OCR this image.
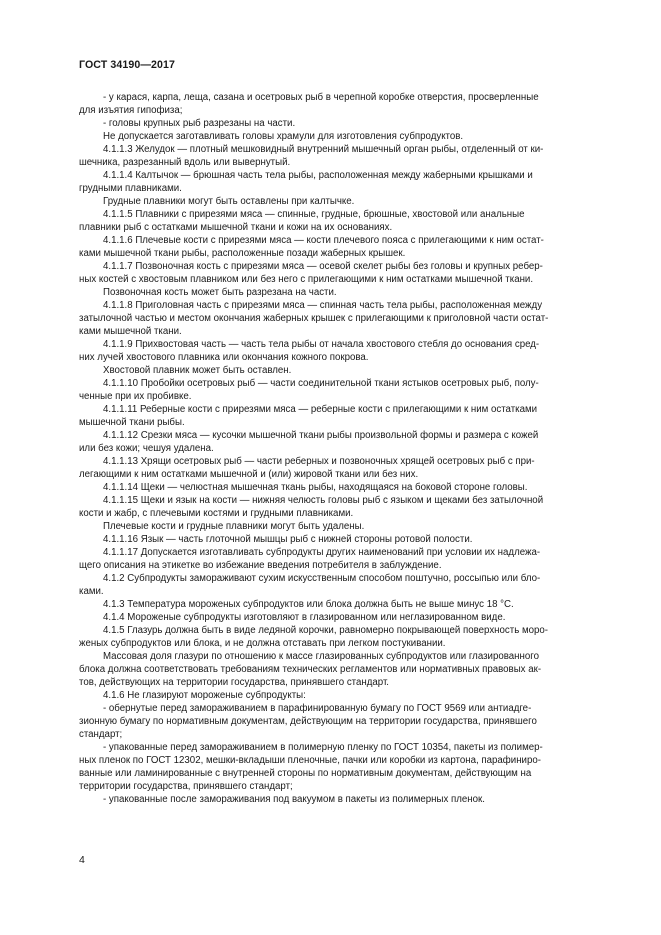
ГОСТ 34190—2017

- у карася, карпа, леща, сазана и осетровых рыб в черепной коробке отверстия, просверленные
для изъятия гипофиза;

- головы крупных рыб разрезаны на части.

Не допускается заготавливать головы храмули для изготовления субпродуктов.

4.1.1.3 Желудок — плотный мешковидный внутренний мышечный орган рыбы, отделенный от ки-
шечника, разрезанный вдоль или вывернутый.

4.1.1.4 Калтычок — брюшная часть тела рыбы, расположенная между жаберными крышками и
грудными плавниками.

Грудные плавники могут быть оставлены при калтычке.

4.1.1.5 Плавники с прирезями мяса — спинные, грудные, брюшные, хвостовой или анальные
плавники рыб с остатками мышечной ткани и кожи на их основаниях.

4.1.1.6 Плечевые кости с прирезями мяса — кости плечевого пояса с прилегающими к ним остат-
ками мышечной ткани рыбы, расположенные позади жаберных крышек.

4.1.1.7 Позвоночная кость с прирезями мяса — осевой скелет рыбы без головы и крупных ребер-
ных костей с хвостовым плавником или без него с прилегающими к ним остатками мышечной ткани.

Позвоночная кость может быть разрезана на части.

4.1.1.8 Приголовная часть с прирезями мяса — спинная часть тела рыбы, расположенная между
затылочной частью и местом окончания жаберных крышек с прилегающими к приголовной части остат-
ками мышечной ткани.

4.1.1.9 Прихвостовая часть — часть тела рыбы от начала хвостового стебля до основания сред-
них лучей хвостового плавника или окончания кожного покрова.

Хвостовой плавник может быть оставлен.

4.1.1.10 Пробойки осетровых рыб — части соединительной ткани ястыков осетровых рыб, полу-
ченные при их пробивке.

4.1.1.11 Реберные кости с прирезями мяса — реберные кости с прилегающими к ним остатками
мышечной ткани рыбы.

4.1.1.12 Срезки мяса — кусочки мышечной ткани рыбы произвольной формы и размера с кожей
или без кожи; чешуя удалена.

4.1.1.13 Хрящи осетровых рыб — части реберных и позвоночных хрящей осетровых рыб с при-
легающими к ним остатками мышечной и (или) жировой ткани или без них.

4.1.1.14 Щеки — челюстная мышечная ткань рыбы, находящаяся на боковой стороне головы.

4.1.1.15 Щеки и язык на кости — нижняя челюсть головы рыб с языком и щеками без затылочной
кости и жабр, с плечевыми костями и грудными плавниками.

Плечевые кости и грудные плавники могут быть удалены.

4.1.1.16 Язык — часть глоточной мышцы рыб с нижней стороны ротовой полости.

4.1.1.17 Допускается изготавливать субпродукты других наименований при условии их надлежа-
щего описания на этикетке во избежание введения потребителя в заблуждение.

4.1.2 Субпродукты замораживают сухим искусственным способом поштучно, россыпью или бло-
ками.

4.1.3 Температура мороженых субпродуктов или блока должна быть не выше минус 18 °С.

4.1.4 Мороженые субпродукты изготовляют в глазированном или неглазированном виде.

4.1.5 Глазурь должна быть в виде ледяной корочки, равномерно покрывающей поверхность моро-
женых субпродуктов или блока, и не должна отставать при легком постукивании.

Массовая доля глазури по отношению к массе глазированных субпродуктов или глазированного
блока должна соответствовать требованиям технических регламентов или нормативных правовых ак-
тов, действующих на территории государства, принявшего стандарт.

4.1.6 Не глазируют мороженые субпродукты:

- обернутые перед замораживанием в парафинированную бумагу по ГОСТ 9569 или антиадге-
зионную бумагу по нормативным документам, действующим на территории государства, принявшего
стандарт;

- упакованные перед замораживанием в полимерную пленку по ГОСТ 10354, пакеты из полимер-
ных пленок по ГОСТ 12302, мешки-вкладыши пленочные, пачки или коробки из картона, парафиниро-
ванные или ламинированные с внутренней стороны по нормативным документам, действующим на
территории государства, принявшего стандарт;

- упакованные после замораживания под вакуумом в пакеты из полимерных пленок.

4
